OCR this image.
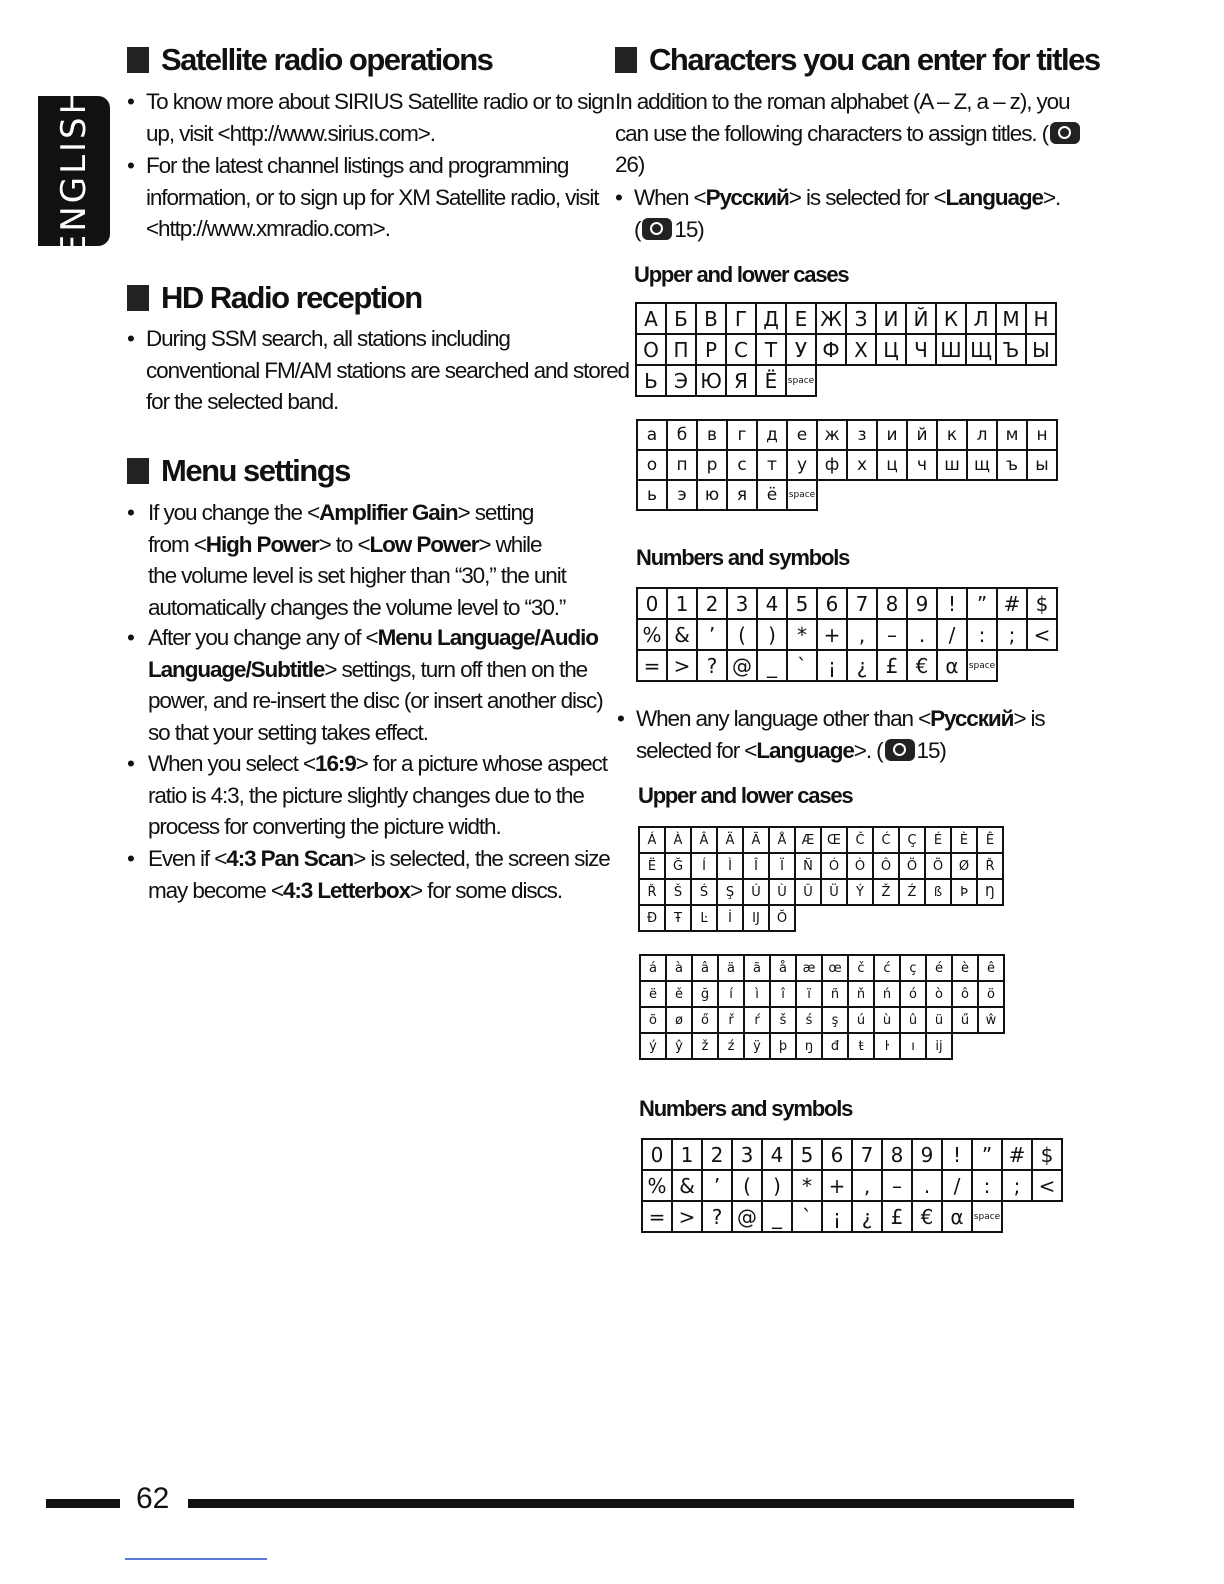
ENGLISH
Satellite radio operations
• To know more about SIRIUS Satellite radio or to sign
up, visit <http://www.sirius.com>.
• For the latest channel listings and programming
information, or to sign up for XM Satellite radio, visit
<http://www.xmradio.com>.
HD Radio reception
• During SSM search, all stations including
conventional FM/AM stations are searched and stored
for the selected band.
Menu settings
• If you change the <Amplifier Gain> setting
from <High Power> to <Low Power> while
the volume level is set higher than “30,” the unit
automatically changes the volume level to “30.”
• After you change any of <Menu Language/Audio
Language/Subtitle> settings, turn off then on the
power, and re-insert the disc (or insert another disc)
so that your setting takes effect.
• When you select <16:9> for a picture whose aspect
ratio is 4:3, the picture slightly changes due to the
process for converting the picture width.
• Even if <4:3 Pan Scan> is selected, the screen size
may become <4:3 Letterbox> for some discs.
Characters you can enter for titles
In addition to the roman alphabet (A – Z, a – z), you
can use the following characters to assign titles. (
26)
• When <Русский> is selected for <Language>.
( 15)
Upper and lower cases
А	Б	В	Г	Д	Е	Ж	З	И	Й	К	Л	М	Н
О	П	Р	С	Т	У	Ф	Х	Ц	Ч	Ш	Щ	Ъ	Ы
Ь	Э	Ю	Я	Ё	space								
а	б	в	г	д	е	ж	з	и	й	к	л	м	н
о	п	р	с	т	у	ф	х	ц	ч	ш	щ	ъ	ы
ь	э	ю	я	ё	space								
Numbers and symbols
0	1	2	3	4	5	6	7	8	9	!	”	#	$
%	&	’	(	)	*	+	,	–	.	/	:	;	<
=	>	?	@	_	`	¡	¿	£	€	α	space		
• When any language other than <Русский> is
selected for <Language>. ( 15)
Upper and lower cases
Á	À	Â	Ä	Ã	Å	Æ	Œ	Č	Ć	Ç	É	È	Ê
Ë	Ğ	Í	Ì	Î	Ï	Ñ	Ó	Ò	Ô	Ö	Õ	Ø	Ř
Ř	Š	Ś	Ş	Ú	Ù	Û	Ü	Ý	Ž	Ź	ß	Þ	Ŋ
Ð	Ŧ	Ŀ	İ	IJ	Ŏ								
á	à	â	ä	ã	å	æ	œ	č	ć	ç	é	è	ê
ë	ě	ğ	í	ì	î	ï	ñ	ň	ń	ó	ò	ô	ö
õ	ø	ő	ř	ŕ	š	ś	ş	ú	ù	û	ü	ű	ŵ
ý	ŷ	ž	ź	ÿ	þ	ŋ	đ	ŧ	ŀ	ı	ij		
Numbers and symbols
0	1	2	3	4	5	6	7	8	9	!	”	#	$
%	&	’	(	)	*	+	,	–	.	/	:	;	<
=	>	?	@	_	`	¡	¿	£	€	α	space		
62
